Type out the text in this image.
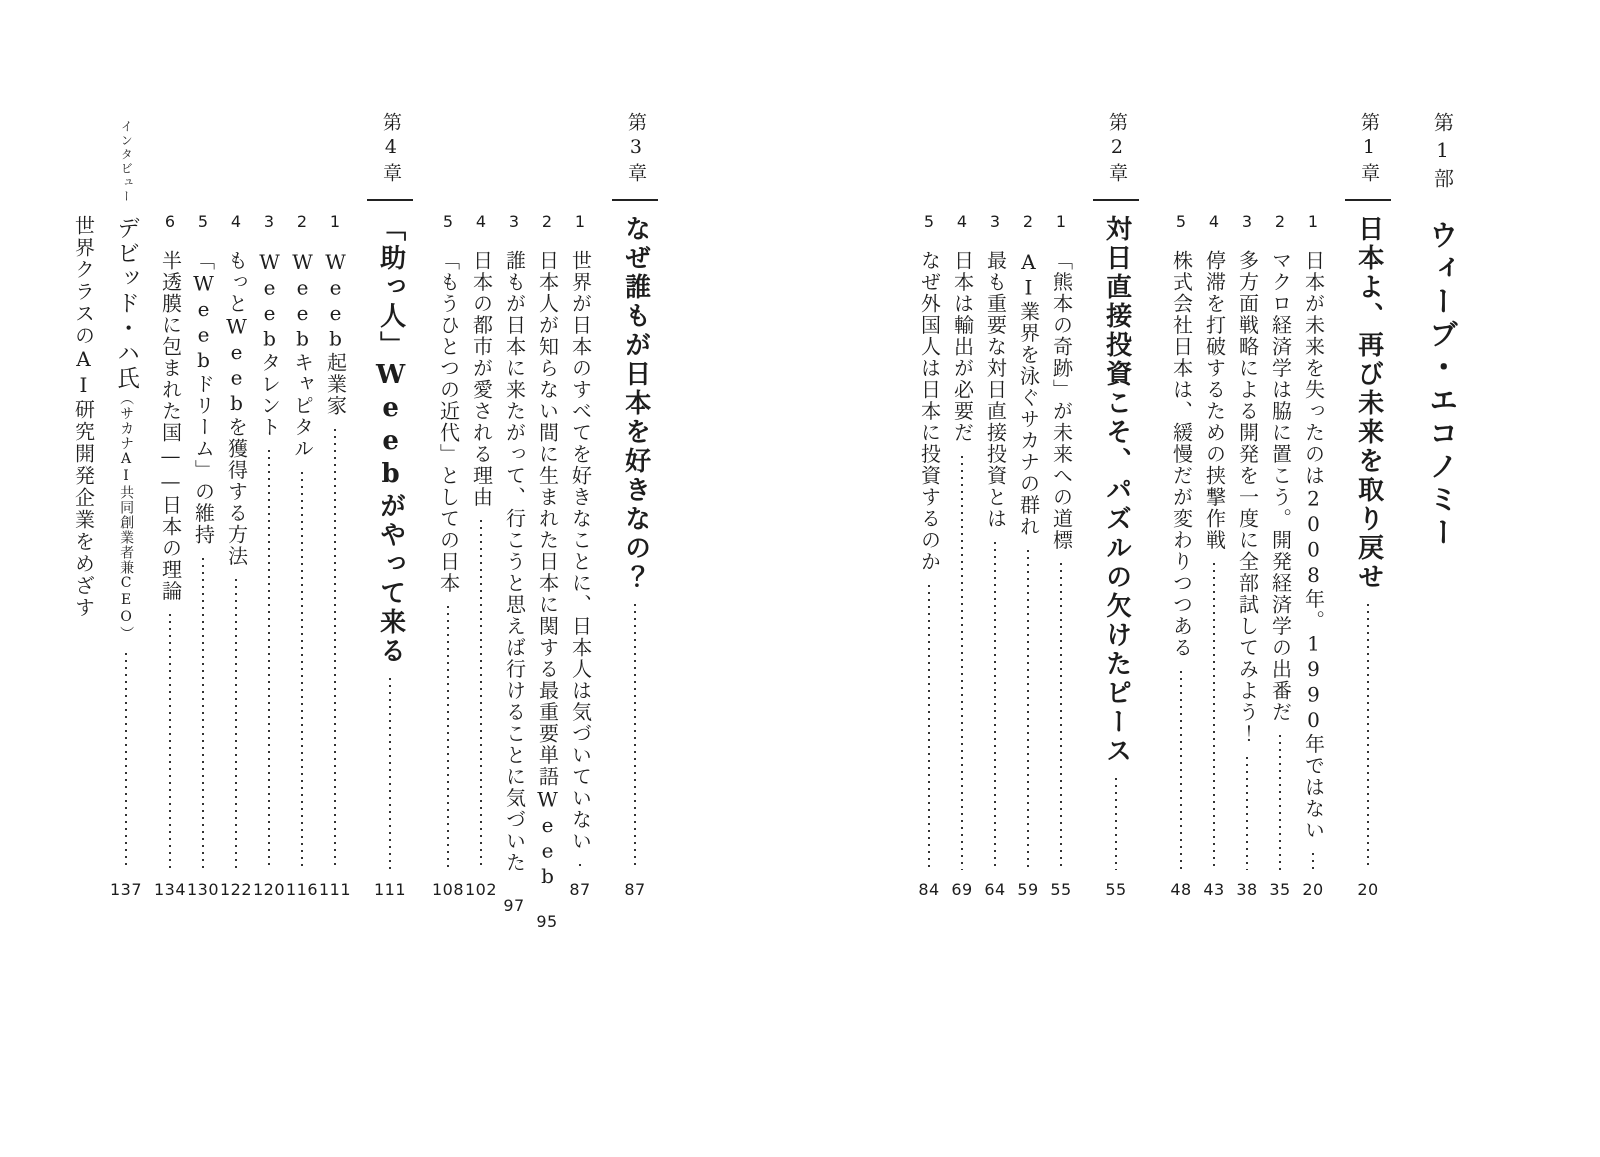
第1部
ウィーブ・エコノミー
第1章
日本よ、再び未来を取り戻せ
20
1
日本が未来を失ったのは2008年。1990年ではない
20
2
マクロ経済学は脇に置こう。開発経済学の出番だ
35
3
多方面戦略による開発を一度に全部試してみよう！
38
4
停滞を打破するための挟撃作戦
43
5
株式会社日本は、緩慢だが変わりつつある
48
第2章
対日直接投資こそ、パズルの欠けたピース
55
1
「熊本の奇跡」が未来への道標
55
2
AI業界を泳ぐサカナの群れ
59
3
最も重要な対日直接投資とは
64
4
日本は輸出が必要だ
69
5
なぜ外国人は日本に投資するのか
84
第3章
なぜ誰もが日本を好きなの？
87
1
世界が日本のすべてを好きなことに、日本人は気づいていない
87
2
日本人が知らない間に生まれた日本に関する最重要単語Weeb
95
3
誰もが日本に来たがって、行こうと思えば行けることに気づいた
97
4
日本の都市が愛される理由
102
5
「もうひとつの近代」としての日本
108
第4章
「助っ人」Weebがやって来る
111
1
Weeb起業家
111
2
Weebキャピタル
116
3
Weebタレント
120
4
もっとWeebを獲得する方法
122
5
「Weebドリーム」の維持
130
6
半透膜に包まれた国——日本の理論
134
インタビュー
デビッド・ハ氏（サカナAI共同創業者兼CEO）
137
世界クラスのAI研究開発企業をめざす
